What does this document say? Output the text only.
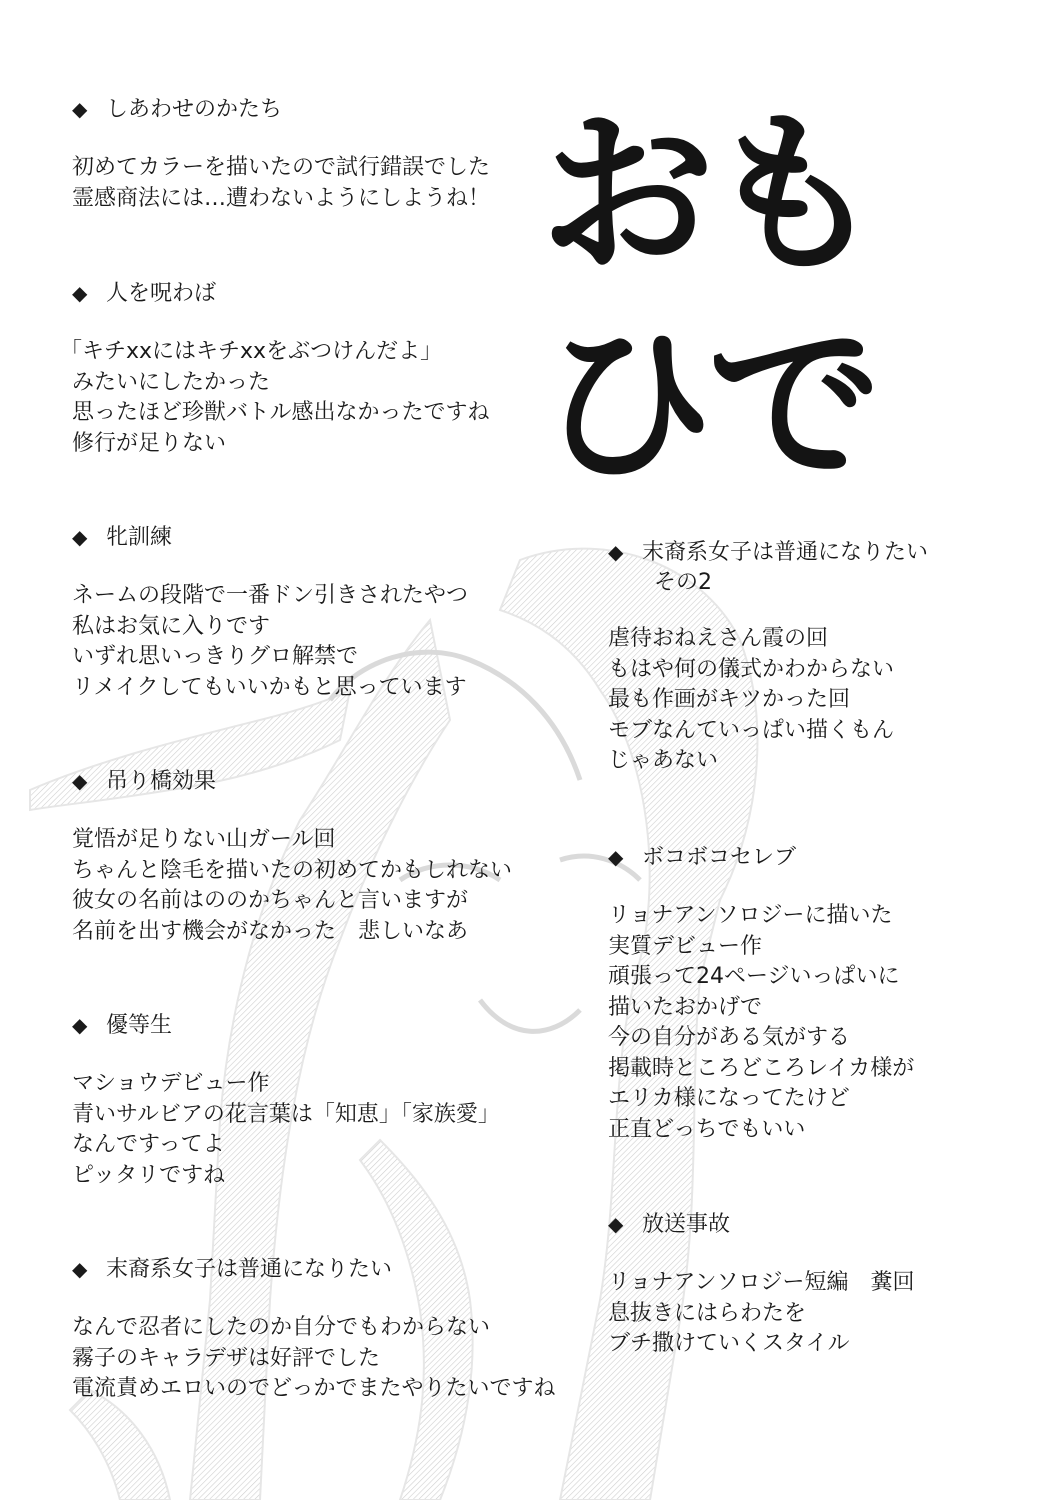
おも ひで
◆ しあわせのかたち

初めてカラーを描いたので試行錯誤でした

霊感商法には…遭わないようにしようね！

◆ 人を呪わば

「キチxxにはキチxxをぶつけんだよ」

みたいにしたかった

思ったほど珍獣バトル感出なかったですね

修行が足りない

◆ 牝訓練

ネームの段階で一番ドン引きされたやつ

私はお気に入りです

いずれ思いっきりグロ解禁で

リメイクしてもいいかもと思っています

◆ 吊り橋効果

覚悟が足りない山ガール回

ちゃんと陰毛を描いたの初めてかもしれない

彼女の名前はののかちゃんと言いますが

名前を出す機会がなかった　悲しいなあ

◆ 優等生

マショウデビュー作

青いサルビアの花言葉は「知恵」「家族愛」

なんですってよ

ピッタリですね

◆ 末裔系女子は普通になりたい

なんで忍者にしたのか自分でもわからない

霧子のキャラデザは好評でした

電流責めエロいのでどっかでまたやりたいですね

◆ 末裔系女子は普通になりたい
その2

虐待おねえさん霞の回

もはや何の儀式かわからない

最も作画がキツかった回

モブなんていっぱい描くもん

じゃあない

◆ ボコボコセレブ

リョナアンソロジーに描いた

実質デビュー作

頑張って24ページいっぱいに

描いたおかげで

今の自分がある気がする

掲載時ところどころレイカ様が

エリカ様になってたけど

正直どっちでもいい

◆ 放送事故

リョナアンソロジー短編　糞回

息抜きにはらわたを

ブチ撒けていくスタイル
